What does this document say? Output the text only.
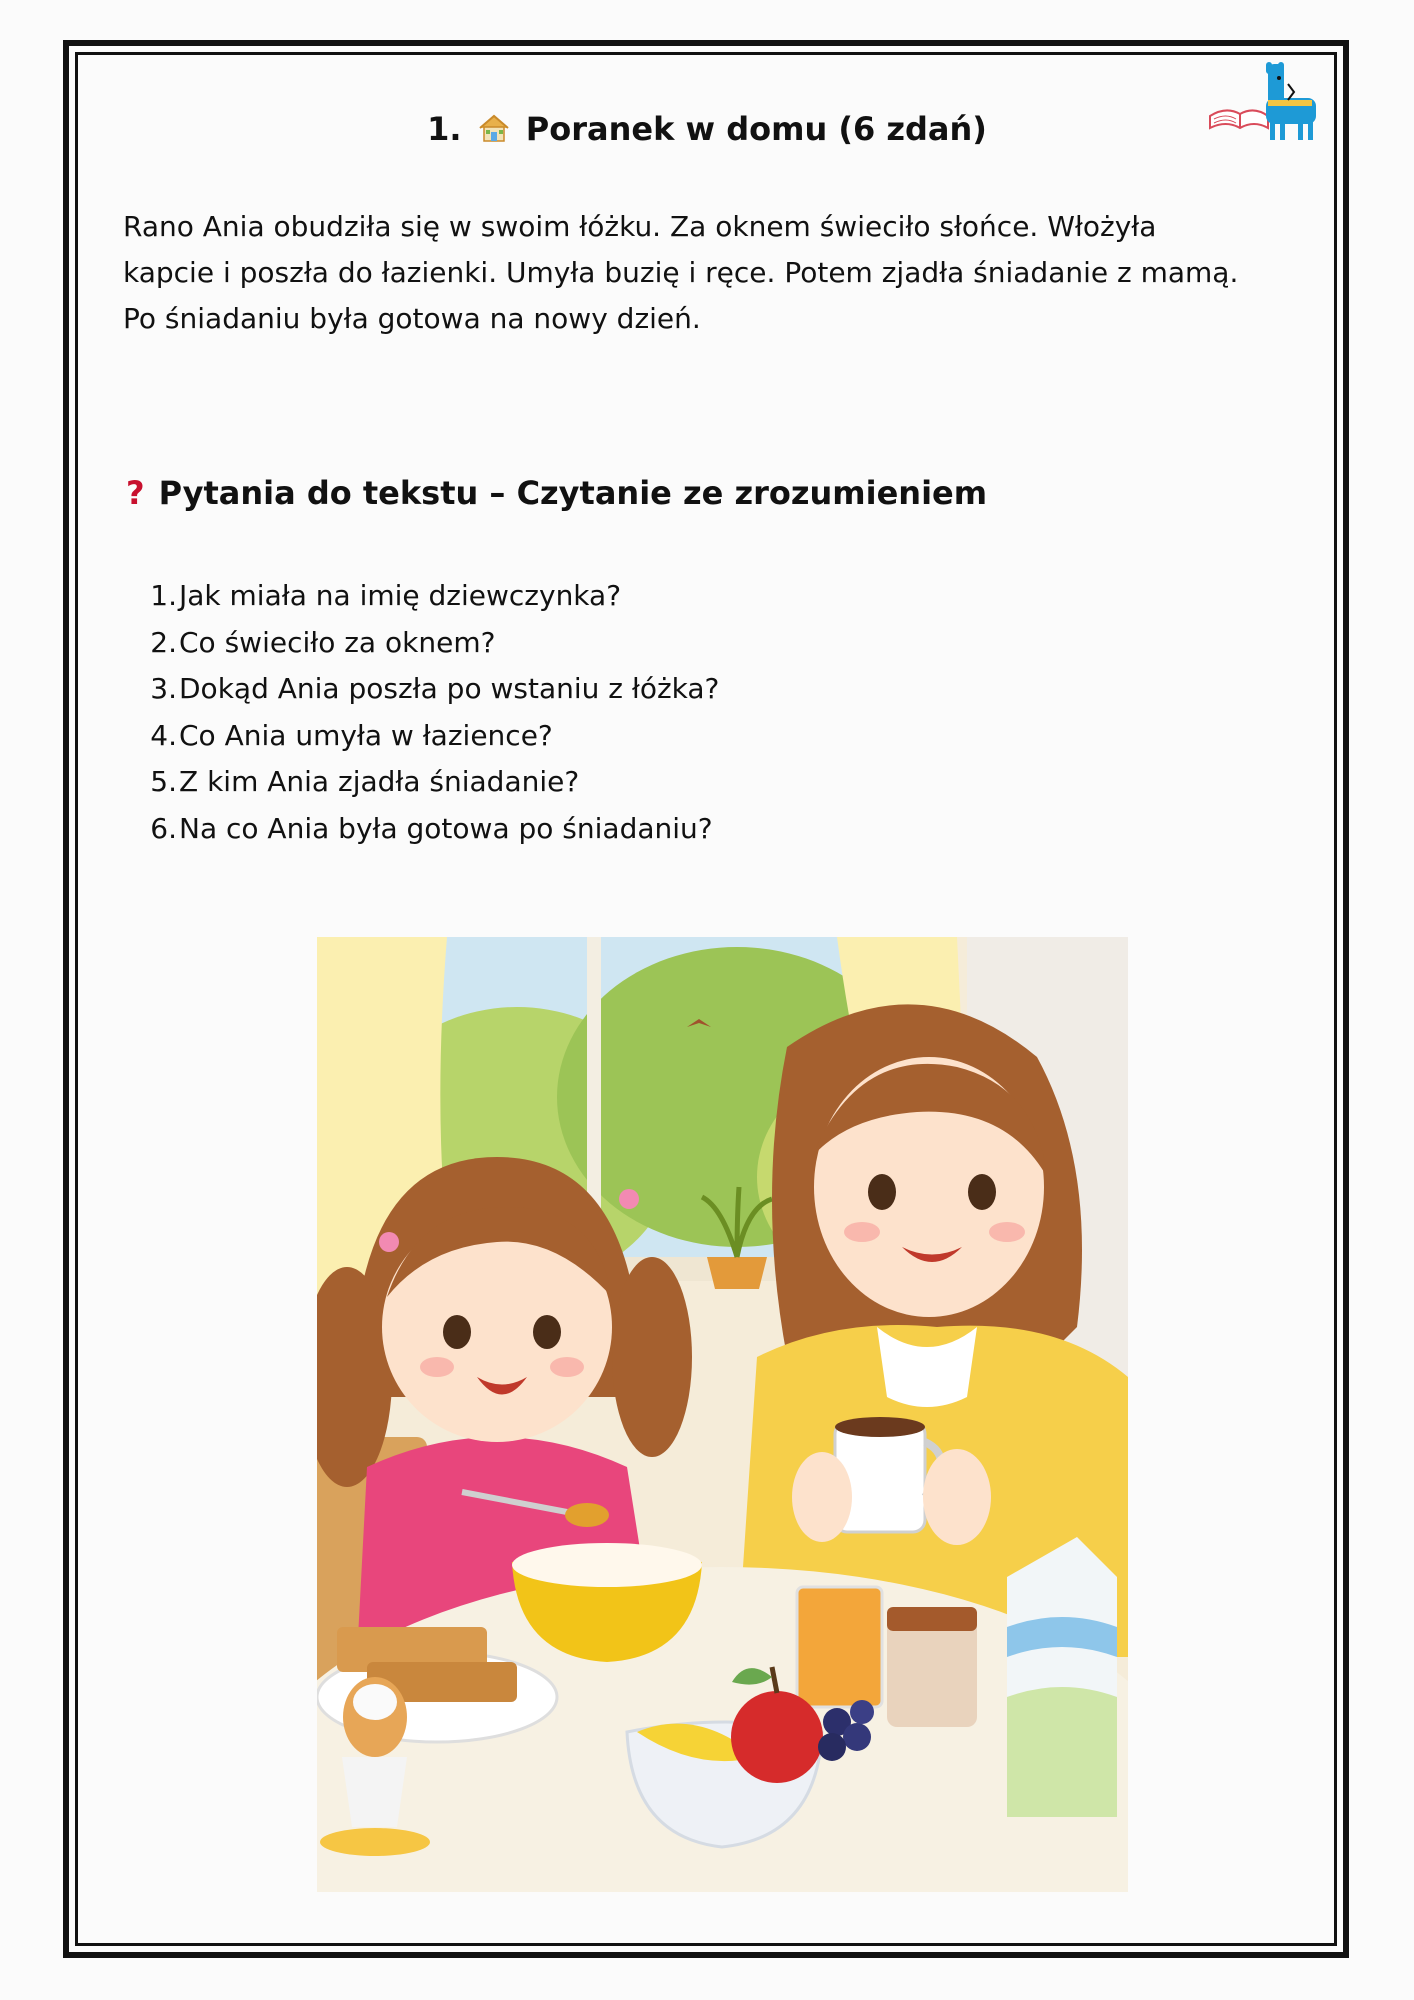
1. Poranek w domu (6 zdań)
Rano Ania obudziła się w swoim łóżku. Za oknem świeciło słońce. Włożyła kapcie i poszła do łazienki. Umyła buzię i ręce. Potem zjadła śniadanie z mamą. Po śniadaniu była gotowa na nowy dzień.
? Pytania do tekstu – Czytanie ze zrozumieniem
1. Jak miała na imię dziewczynka?
2. Co świeciło za oknem?
3. Dokąd Ania poszła po wstaniu z łóżka?
4. Co Ania umyła w łazience?
5. Z kim Ania zjadła śniadanie?
6. Na co Ania była gotowa po śniadaniu?
